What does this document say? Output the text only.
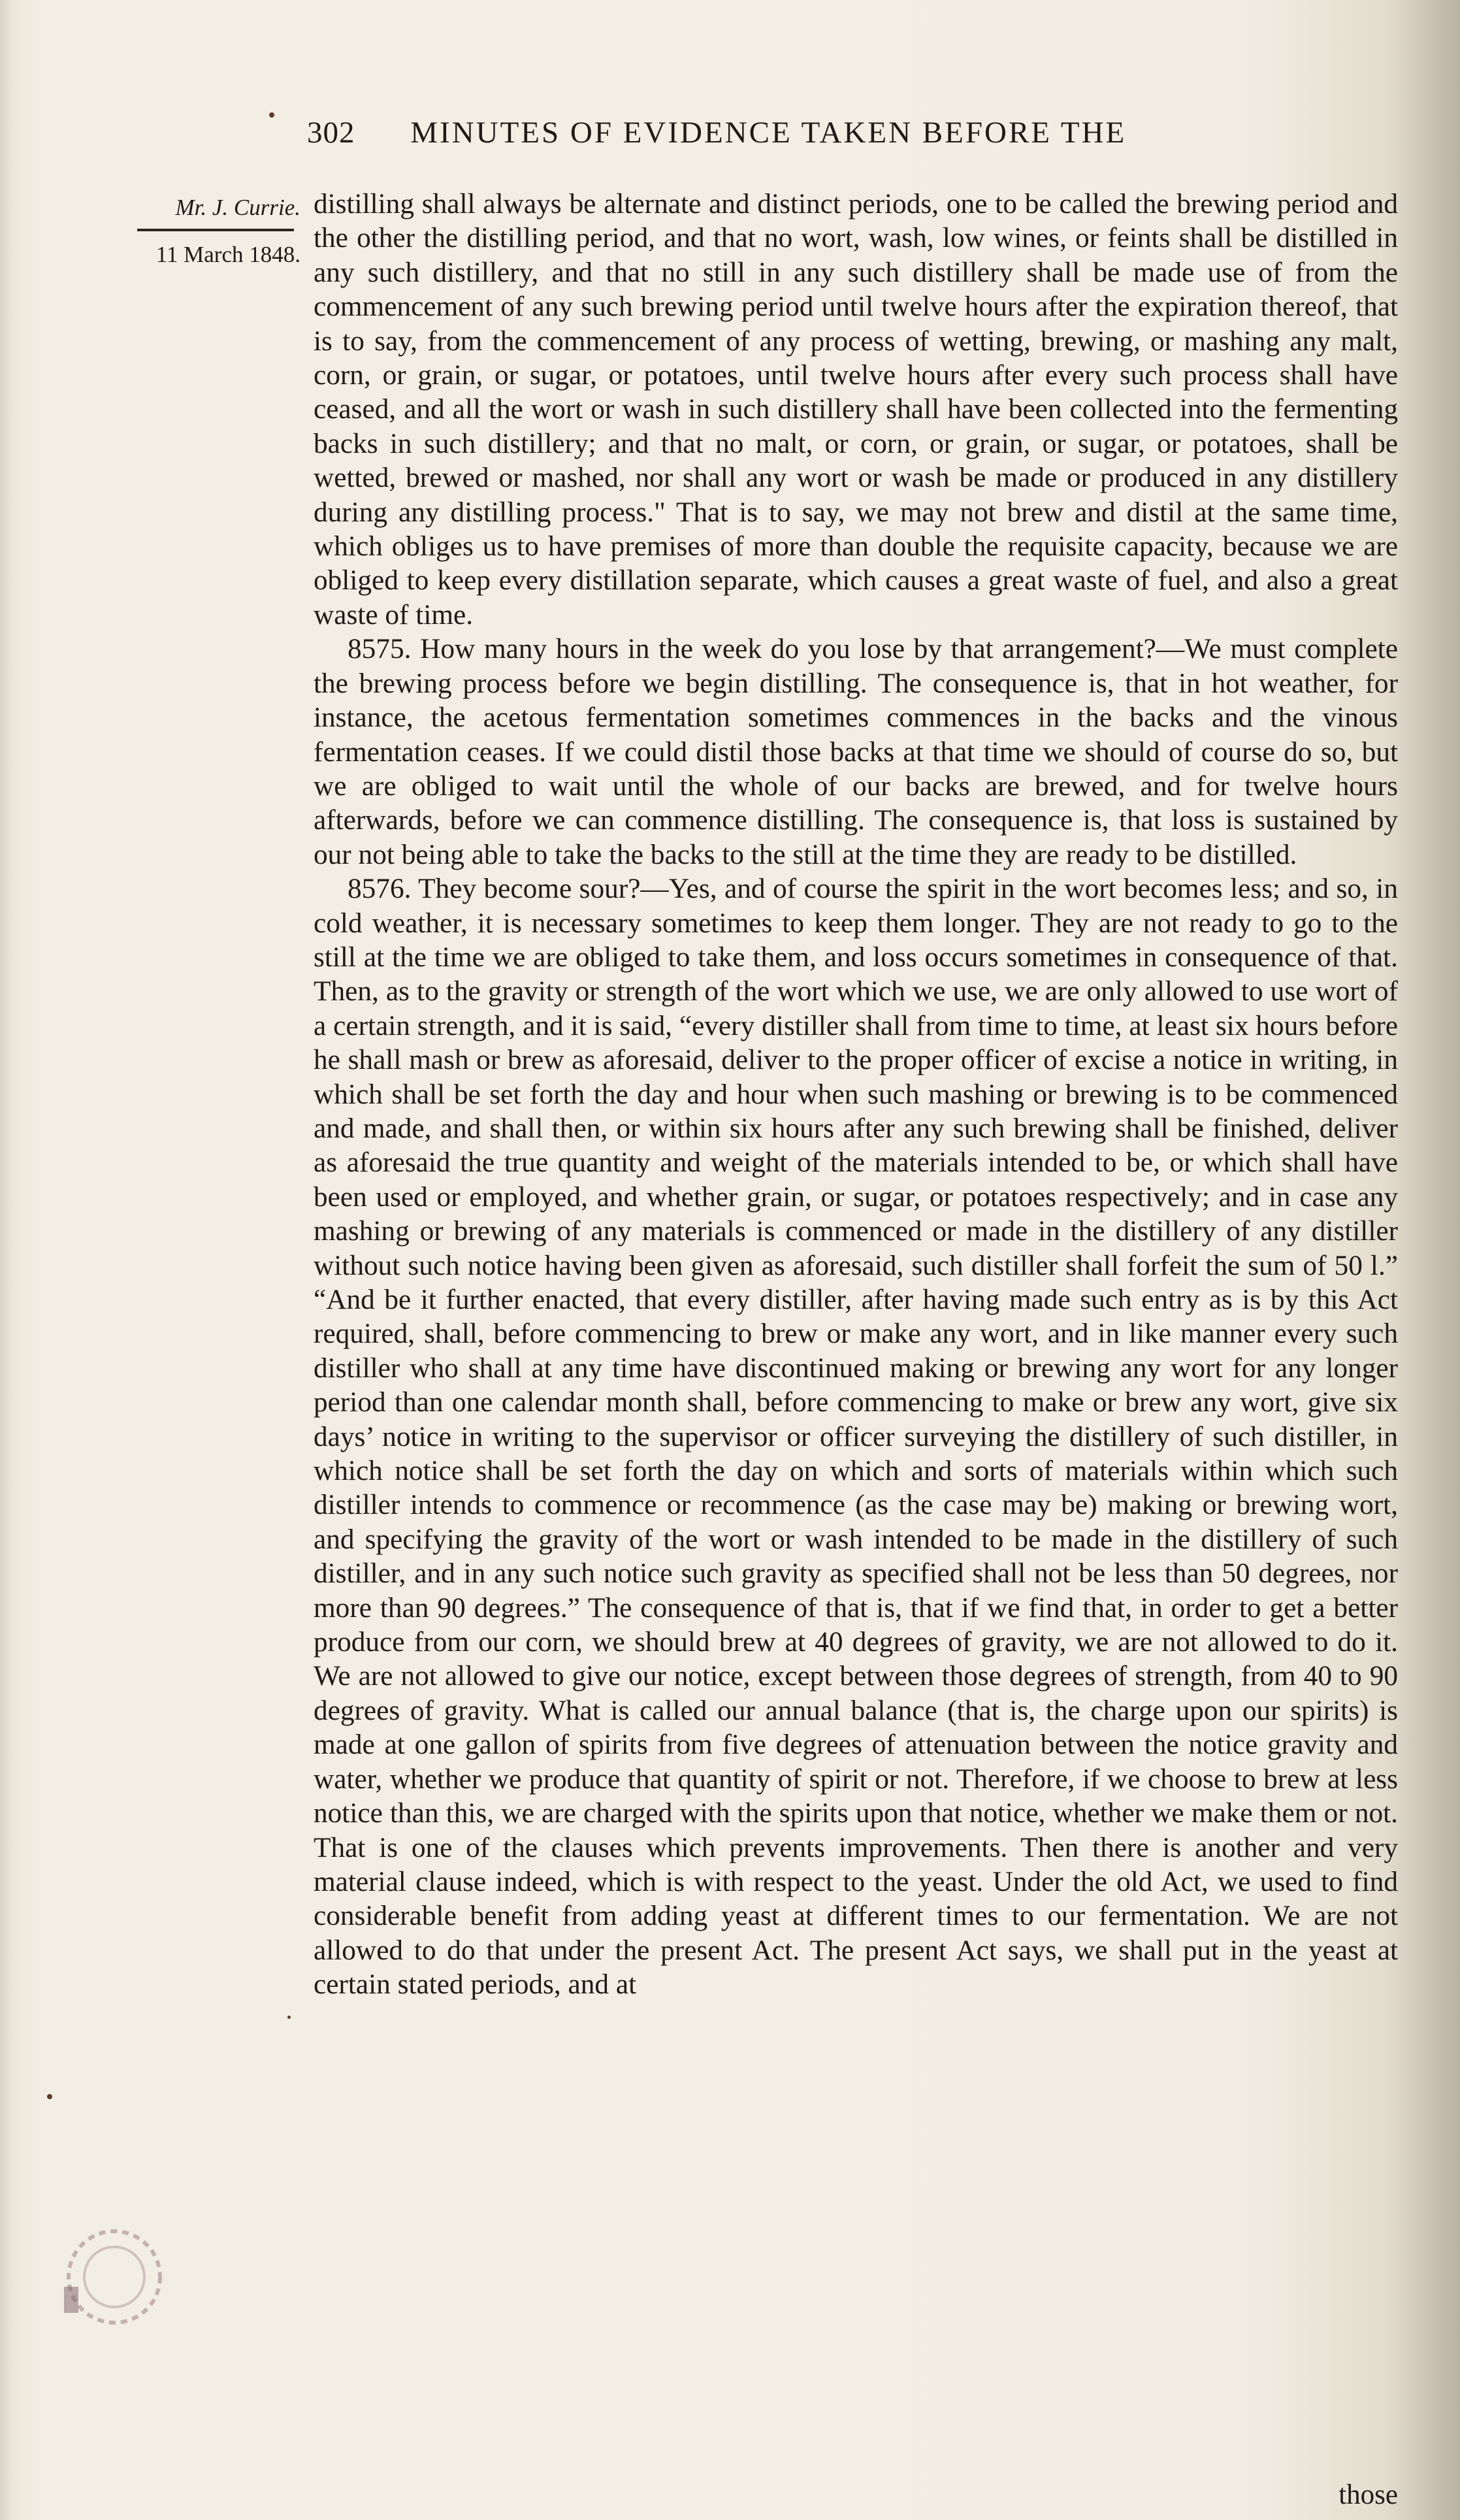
302 MINUTES OF EVIDENCE TAKEN BEFORE THE
Mr. J. Currie.
11 March 1848.

distilling shall always be alternate and distinct periods, one to be called the brewing period and the other the distilling period, and that no wort, wash, low wines, or feints shall be distilled in any such distillery, and that no still in any such distillery shall be made use of from the commencement of any such brewing period until twelve hours after the expiration thereof, that is to say, from the commencement of any process of wetting, brewing, or mashing any malt, corn, or grain, or sugar, or potatoes, until twelve hours after every such process shall have ceased, and all the wort or wash in such distillery shall have been collected into the fermenting backs in such distillery; and that no malt, or corn, or grain, or sugar, or potatoes, shall be wetted, brewed or mashed, nor shall any wort or wash be made or produced in any distillery during any distilling process." That is to say, we may not brew and distil at the same time, which obliges us to have premises of more than double the requisite capacity, because we are obliged to keep every distillation separate, which causes a great waste of fuel, and also a great waste of time.

8575. How many hours in the week do you lose by that arrangement?—We must complete the brewing process before we begin distilling. The consequence is, that in hot weather, for instance, the acetous fermentation sometimes commences in the backs and the vinous fermentation ceases. If we could distil those backs at that time we should of course do so, but we are obliged to wait until the whole of our backs are brewed, and for twelve hours afterwards, before we can commence distilling. The consequence is, that loss is sustained by our not being able to take the backs to the still at the time they are ready to be distilled.

8576. They become sour?—Yes, and of course the spirit in the wort becomes less; and so, in cold weather, it is necessary sometimes to keep them longer. They are not ready to go to the still at the time we are obliged to take them, and loss occurs sometimes in consequence of that. Then, as to the gravity or strength of the wort which we use, we are only allowed to use wort of a certain strength, and it is said, “every distiller shall from time to time, at least six hours before he shall mash or brew as aforesaid, deliver to the proper officer of excise a notice in writing, in which shall be set forth the day and hour when such mashing or brewing is to be commenced and made, and shall then, or within six hours after any such brewing shall be finished, deliver as aforesaid the true quantity and weight of the materials intended to be, or which shall have been used or employed, and whether grain, or sugar, or potatoes respectively; and in case any mashing or brewing of any materials is commenced or made in the distillery of any distiller without such notice having been given as aforesaid, such distiller shall forfeit the sum of 50 l.” “And be it further enacted, that every distiller, after having made such entry as is by this Act required, shall, before commencing to brew or make any wort, and in like manner every such distiller who shall at any time have discontinued making or brewing any wort for any longer period than one calendar month shall, before commencing to make or brew any wort, give six days’ notice in writing to the supervisor or officer surveying the distillery of such distiller, in which notice shall be set forth the day on which and sorts of materials within which such distiller intends to commence or recommence (as the case may be) making or brewing wort, and specifying the gravity of the wort or wash intended to be made in the distillery of such distiller, and in any such notice such gravity as specified shall not be less than 50 degrees, nor more than 90 degrees.” The consequence of that is, that if we find that, in order to get a better produce from our corn, we should brew at 40 degrees of gravity, we are not allowed to do it. We are not allowed to give our notice, except between those degrees of strength, from 40 to 90 degrees of gravity. What is called our annual balance (that is, the charge upon our spirits) is made at one gallon of spirits from five degrees of attenuation between the notice gravity and water, whether we produce that quantity of spirit or not. Therefore, if we choose to brew at less notice than this, we are charged with the spirits upon that notice, whether we make them or not. That is one of the clauses which prevents improvements. Then there is another and very material clause indeed, which is with respect to the yeast. Under the old Act, we used to find considerable benefit from adding yeast at different times to our fermentation. We are not allowed to do that under the present Act. The present Act says, we shall put in the yeast at certain stated periods, and at

those
